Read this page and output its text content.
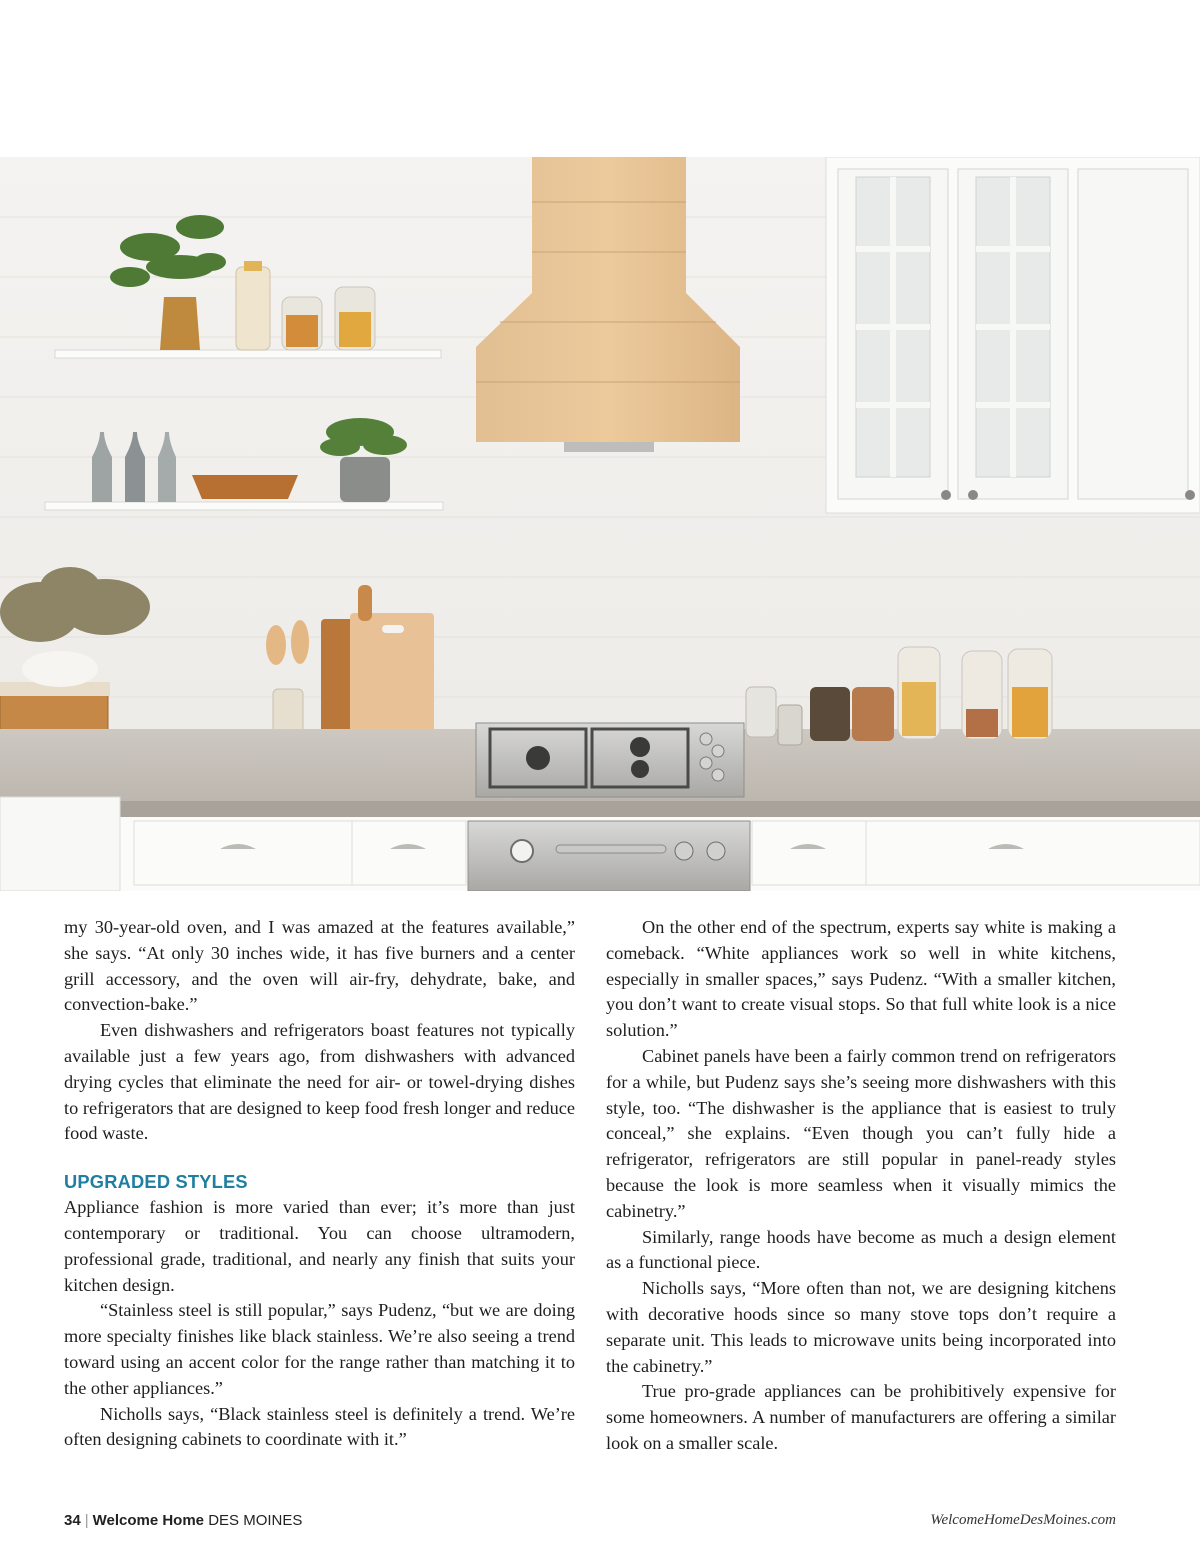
my 30-year-old oven, and I was amazed at the features available,” she says. “At only 30 inches wide, it has five burners and a center grill accessory, and the oven will air-fry, dehydrate, bake, and convection-bake.”

Even dishwashers and refrigerators boast features not typically available just a few years ago, from dishwashers with advanced drying cycles that eliminate the need for air- or towel-drying dishes to refrigerators that are designed to keep food fresh longer and reduce food waste.

UPGRADED STYLES

Appliance fashion is more varied than ever; it’s more than just contemporary or traditional. You can choose ultramodern, professional grade, traditional, and nearly any finish that suits your kitchen design.

“Stainless steel is still popular,” says Pudenz, “but we are doing more specialty finishes like black stainless. We’re also seeing a trend toward using an accent color for the range rather than matching it to the other appliances.”

Nicholls says, “Black stainless steel is definitely a trend. We’re often designing cabinets to coordinate with it.”

On the other end of the spectrum, experts say white is making a comeback. “White appliances work so well in white kitchens, especially in smaller spaces,” says Pudenz. “With a smaller kitchen, you don’t want to create visual stops. So that full white look is a nice solution.”

Cabinet panels have been a fairly common trend on refrigerators for a while, but Pudenz says she’s seeing more dishwashers with this style, too. “The dishwasher is the appliance that is easiest to truly conceal,” she explains. “Even though you can’t fully hide a refrigerator, refrigerators are still popular in panel-ready styles because the look is more seamless when it visually mimics the cabinetry.”

Similarly, range hoods have become as much a design element as a functional piece.

Nicholls says, “More often than not, we are designing kitchens with decorative hoods since so many stove tops don’t require a separate unit. This leads to microwave units being incorporated into the cabinetry.”

True pro-grade appliances can be prohibitively expensive for some homeowners. A number of manufacturers are offering a similar look on a smaller scale.

34 | Welcome Home DES MOINES	WelcomeHomeDesMoines.com
